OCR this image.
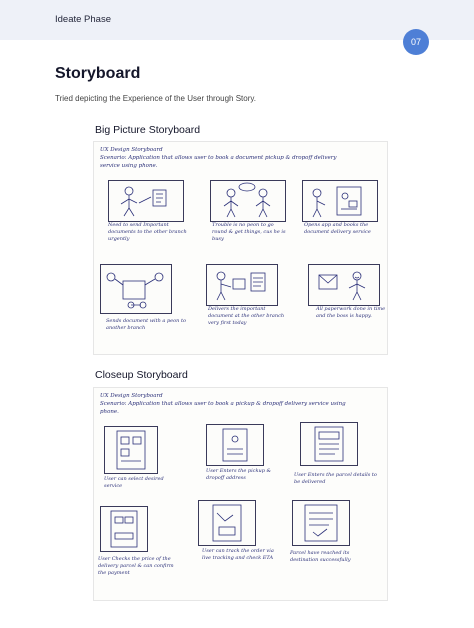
Ideate Phase
07
Storyboard
Tried depicting the Experience of the User through Story.
Big Picture Storyboard
UX Design Storyboard
Scenario: Application that allows user to book a document pickup & dropoff delivery service using phone.
Need to send Important documents to the other branch urgently
Trouble is no peon to go round & get things, cus he is busy
Opens app and books the document delivery service
Sends document with a peon to another branch
Delivers the important document at the other branch very first today
All paperwork done in time and the boss is happy.
Closeup Storyboard
UX Design Storyboard
Scenario: Application that allows user to book a pickup & dropoff delivery service using phone.
User can select desired service
User Enters the pickup & dropoff address	User Enters the parcel details to be delivered
User Checks the price of the delivery parcel & can confirm the payment
User can track the order via live tracking and check ETA
Parcel have reached its destination successfully
